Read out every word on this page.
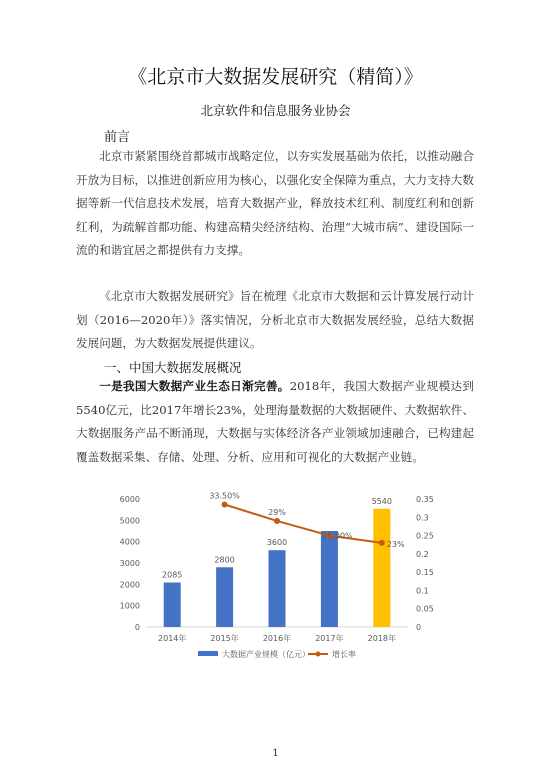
《北京市大数据发展研究（精简）》
北京软件和信息服务业协会
前言
北京市紧紧围绕首都城市战略定位，以夯实发展基础为依托，以推动融合开放为目标，以推进创新应用为核心，以强化安全保障为重点，大力支持大数据等新一代信息技术发展，培育大数据产业，释放技术红利、制度红利和创新红利，为疏解首都功能、构建高精尖经济结构、治理“大城市病”、建设国际一流的和谐宜居之都提供有力支撑。
《北京市大数据发展研究》旨在梳理《北京市大数据和云计算发展行动计划（2016—2020年）》落实情况，分析北京市大数据发展经验，总结大数据发展问题，为大数据发展提供建议。
一、中国大数据发展概况
一是我国大数据产业生态日渐完善。2018年，我国大数据产业规模达到5540亿元，比2017年增长23%，处理海量数据的大数据硬件、大数据软件、大数据服务产品不断涌现，大数据与实体经济各产业领域加速融合，已构建起覆盖数据采集、存储、处理、分析、应用和可视化的大数据产业链。
0
1000
2000
3000
4000
5000
6000
0
0.05
0.1
0.15
0.2
0.25
0.3
0.35
2085
2800
3600
5540
2014年	2015年	2016年	2017年	2018年
33.50%
29%
25.00%
23%
大数据产业规模（亿元）	增长率
1
